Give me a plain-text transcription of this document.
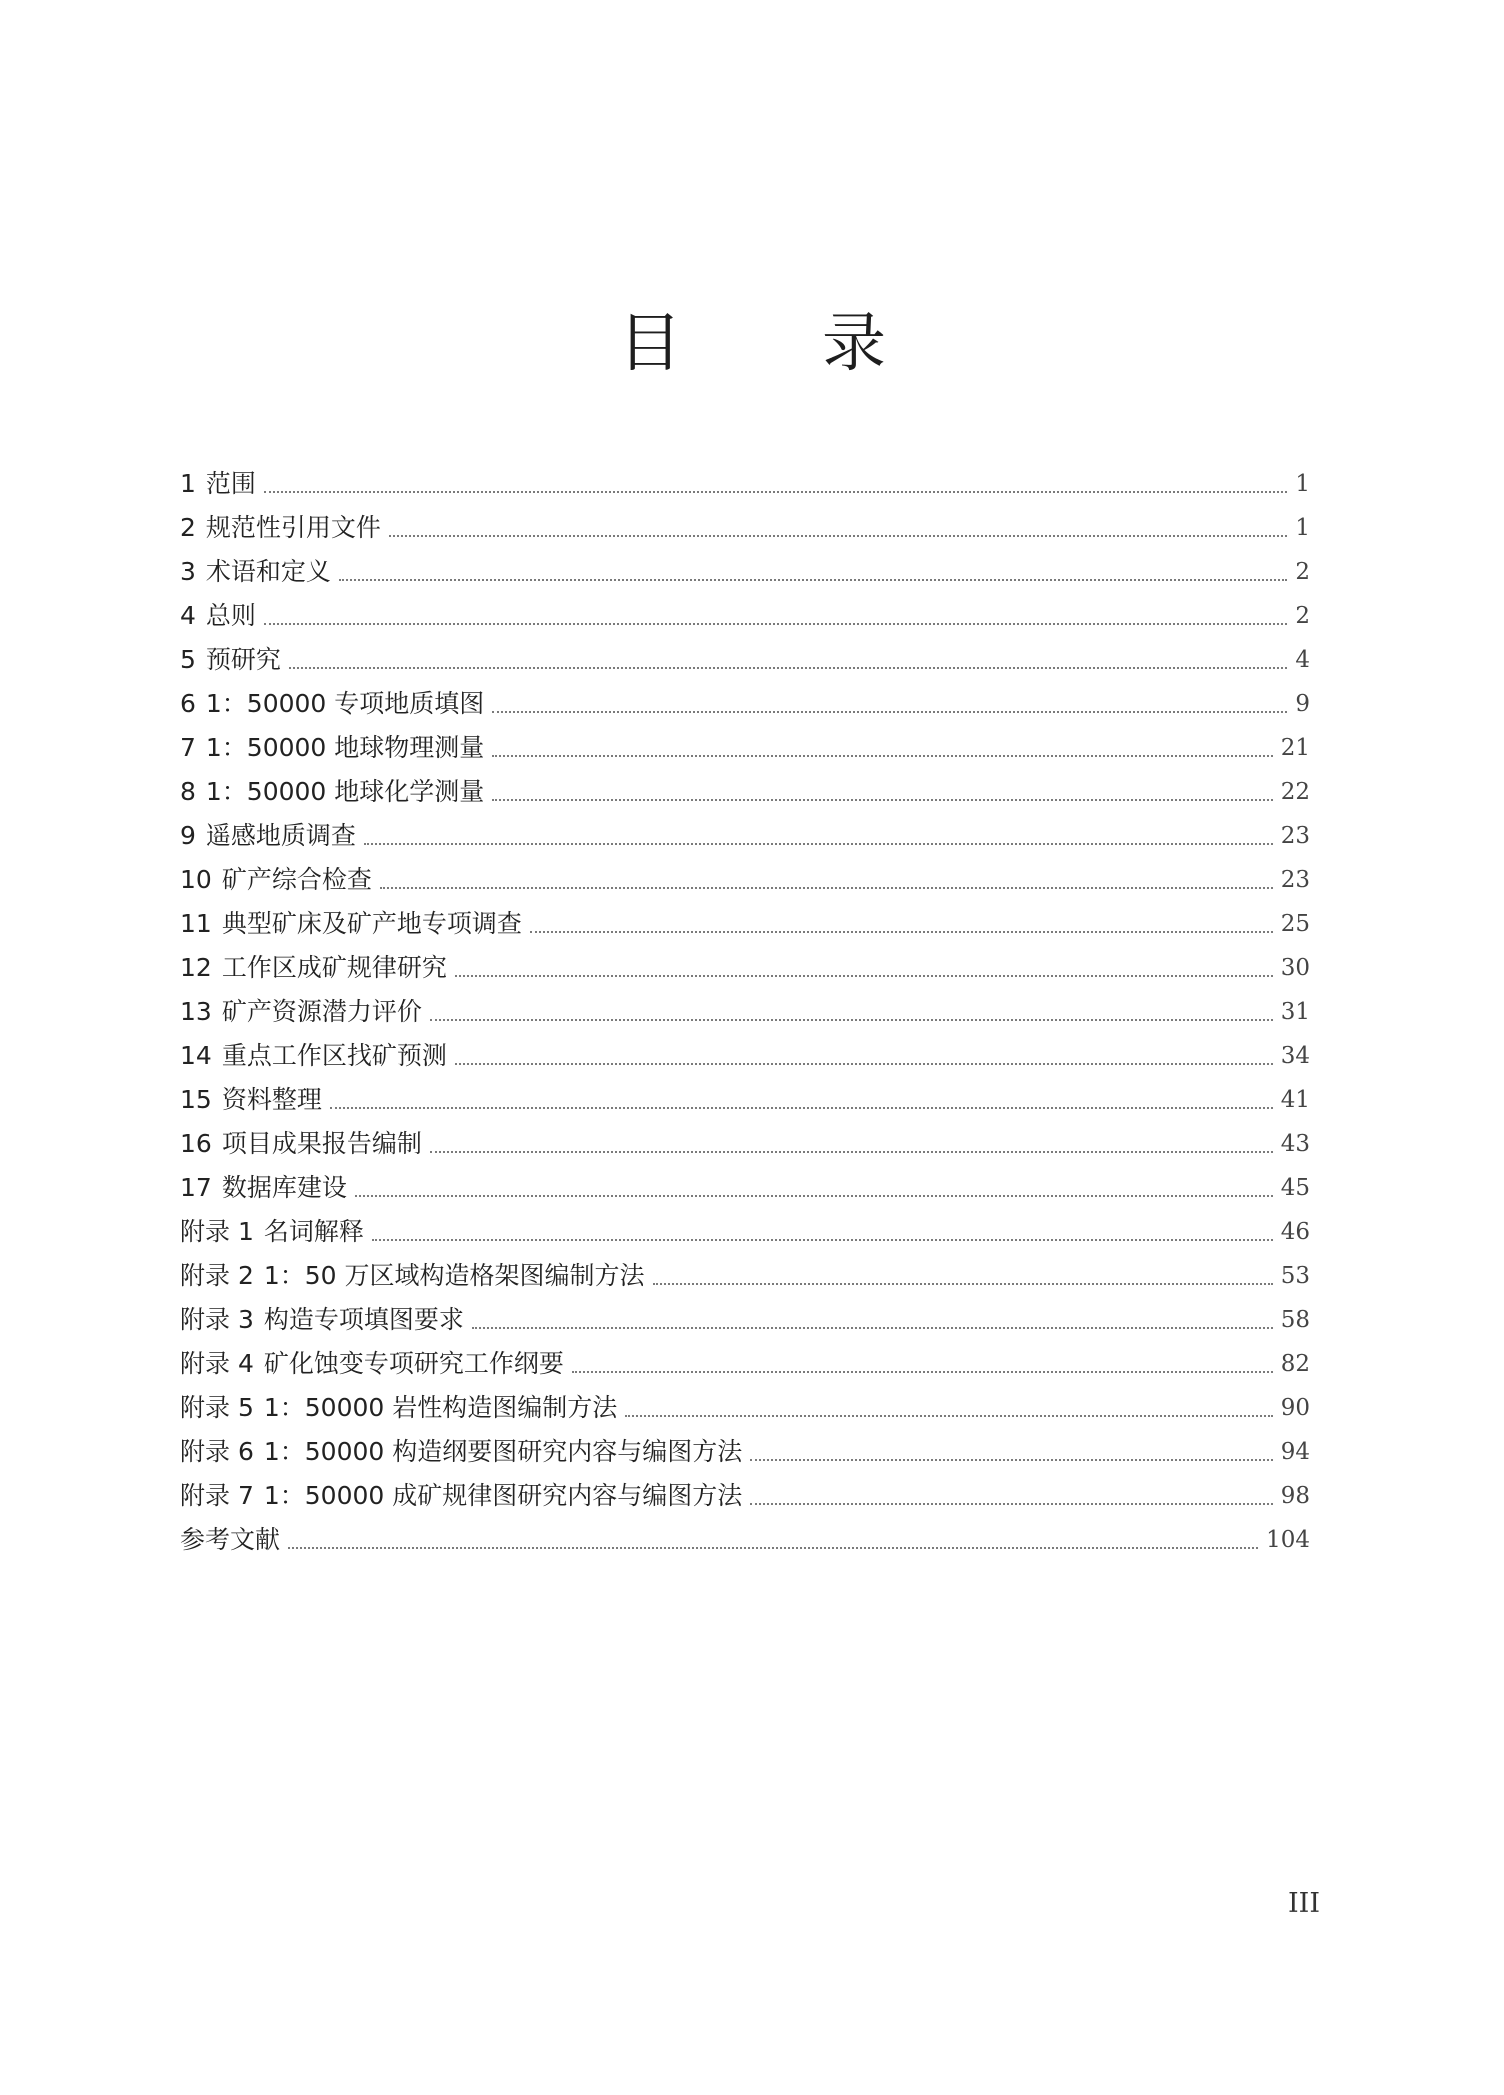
目 录
1 范围	1
2 规范性引用文件	1
3 术语和定义	2
4 总则	2
5 预研究	4
6 1：50000 专项地质填图	9
7 1：50000 地球物理测量	21
8 1：50000 地球化学测量	22
9 遥感地质调查	23
10 矿产综合检查	23
11 典型矿床及矿产地专项调查	25
12 工作区成矿规律研究	30
13 矿产资源潜力评价	31
14 重点工作区找矿预测	34
15 资料整理	41
16 项目成果报告编制	43
17 数据库建设	45
附录 1 名词解释	46
附录 2 1：50 万区域构造格架图编制方法	53
附录 3 构造专项填图要求	58
附录 4 矿化蚀变专项研究工作纲要	82
附录 5 1：50000 岩性构造图编制方法	90
附录 6 1：50000 构造纲要图研究内容与编图方法	94
附录 7 1：50000 成矿规律图研究内容与编图方法	98
参考文献	104
III
